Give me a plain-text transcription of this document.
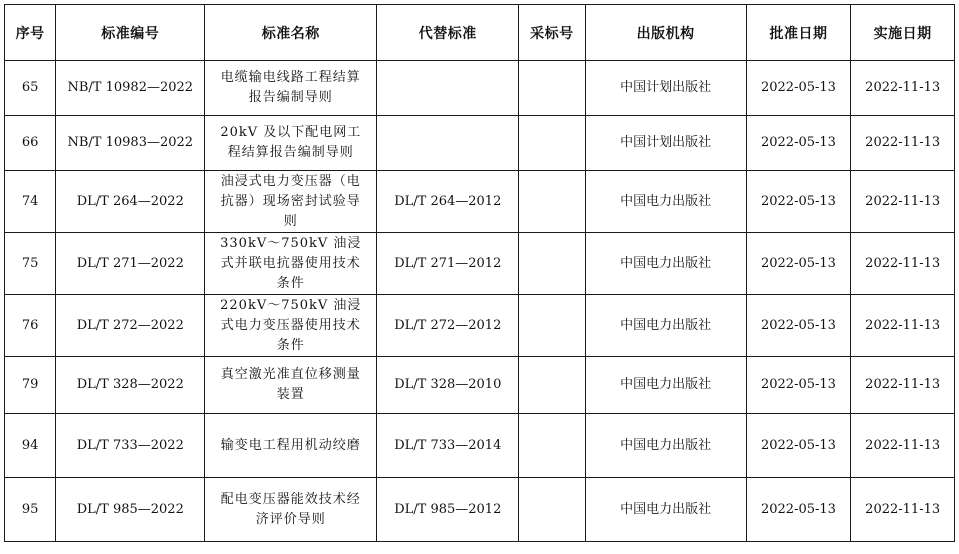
序号	标准编号	标准名称	代替标准	采标号	出版机构	批准日期	实施日期
65	NB/T 10982—2022	电缆输电线路工程结算报告编制导则			中国计划出版社	2022-05-13	2022-11-13
66	NB/T 10983—2022	20kV 及以下配电网工程结算报告编制导则			中国计划出版社	2022-05-13	2022-11-13
74	DL/T 264—2022	油浸式电力变压器（电抗器）现场密封试验导则	DL/T 264—2012		中国电力出版社	2022-05-13	2022-11-13
75	DL/T 271—2022	330kV～750kV 油浸式并联电抗器使用技术条件	DL/T 271—2012		中国电力出版社	2022-05-13	2022-11-13
76	DL/T 272—2022	220kV～750kV 油浸式电力变压器使用技术条件	DL/T 272—2012		中国电力出版社	2022-05-13	2022-11-13
79	DL/T 328—2022	真空激光准直位移测量装置	DL/T 328—2010		中国电力出版社	2022-05-13	2022-11-13
94	DL/T 733—2022	输变电工程用机动绞磨	DL/T 733—2014		中国电力出版社	2022-05-13	2022-11-13
95	DL/T 985—2022	配电变压器能效技术经济评价导则	DL/T 985—2012		中国电力出版社	2022-05-13	2022-11-13
